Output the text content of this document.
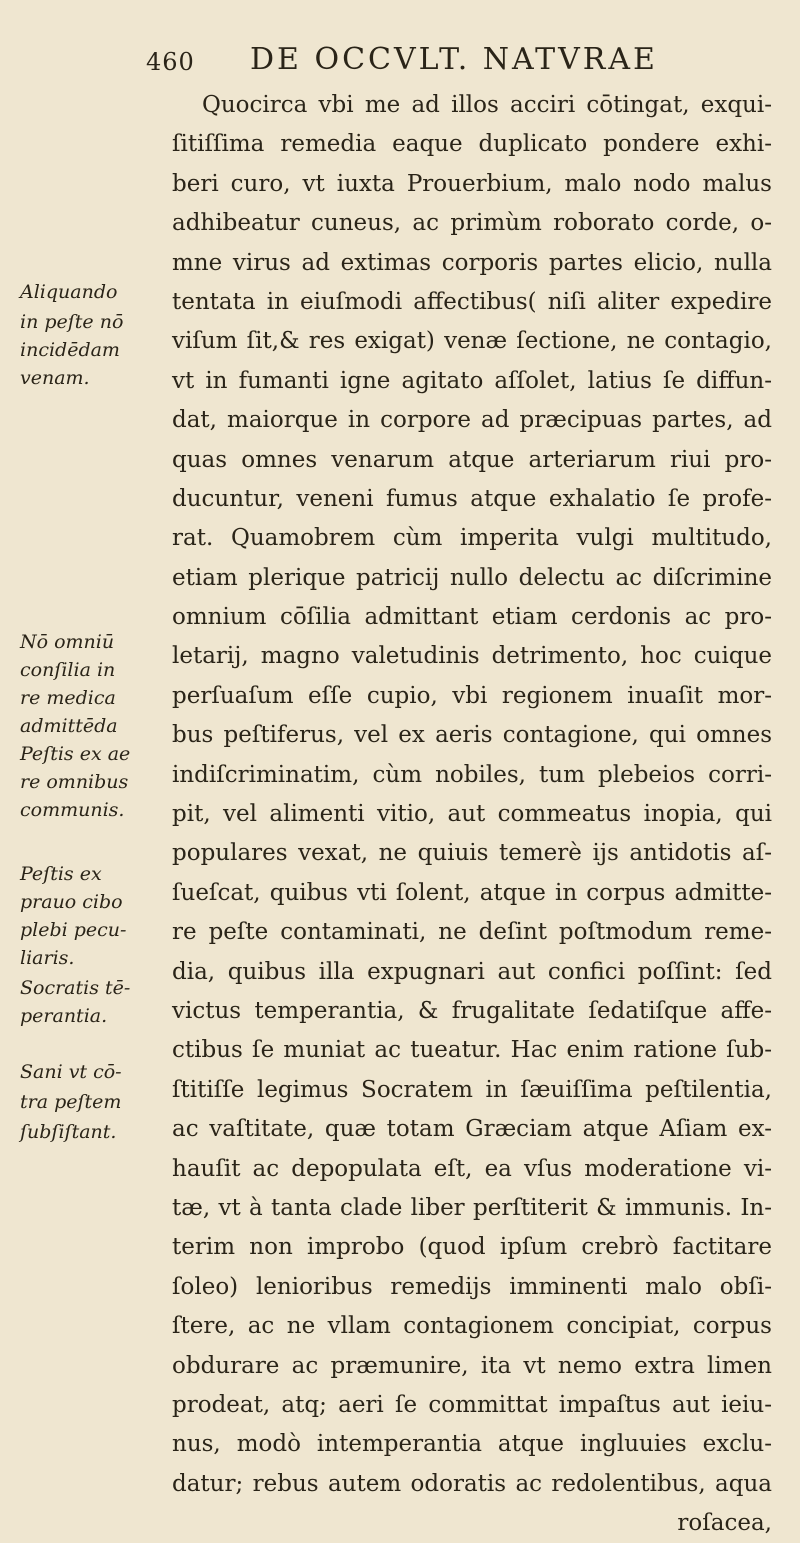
460 DE OCCVLT. NATVRAE
Quocirca vbi me ad illos acciri cōtingat, exqui-
ſitiſſima remedia eaque duplicato pondere exhi-
beri curo, vt iuxta Prouerbium, malo nodo malus
adhibeatur cuneus, ac primùm roborato corde, o-
mne virus ad extimas corporis partes elicio, nulla
tentata in eiuſmodi affectibus( niſi aliter expedire
viſum ſit,& res exigat) venæ ſectione, ne contagio,
vt in fumanti igne agitato aſſolet, latius ſe diffun-
dat, maiorque in corpore ad præcipuas partes, ad
quas omnes venarum atque arteriarum riui pro-
ducuntur, veneni fumus atque exhalatio ſe profe-
rat. Quamobrem cùm imperita vulgi multitudo,
etiam plerique patricij nullo delectu ac diſcrimine
omnium cōſilia admittant etiam cerdonis ac pro-
letarij, magno valetudinis detrimento, hoc cuique
perſuaſum eſſe cupio, vbi regionem inuaſit mor-
bus peſtiferus, vel ex aeris contagione, qui omnes
indiſcriminatim, cùm nobiles, tum plebeios corri-
pit, vel alimenti vitio, aut commeatus inopia, qui
populares vexat, ne quiuis temerè ijs antidotis aſ-
ſueſcat, quibus vti ſolent, atque in corpus admitte-
re peſte contaminati, ne deſint poſtmodum reme-
dia, quibus illa expugnari aut confici poſſint: ſed
victus temperantia, & frugalitate ſedatiſque affe-
ctibus ſe muniat ac tueatur. Hac enim ratione ſub-
ſtitiſſe legimus Socratem in ſæuiſſima peſtilentia,
ac vaſtitate, quæ totam Græciam atque Aſiam ex-
hauſit ac depopulata eſt, ea vſus moderatione vi-
tæ, vt à tanta clade liber perſtiterit & immunis. In-
terim non improbo (quod ipſum crebrò factitare
ſoleo) lenioribus remedijs imminenti malo obſi-
ſtere, ac ne vllam contagionem concipiat, corpus
obdurare ac præmunire, ita vt nemo extra limen
prodeat, atq; aeri ſe committat impaſtus aut ieiu-
nus, modò intemperantia atque ingluuies exclu-
datur; rebus autem odoratis ac redolentibus, aqua
roſacea,
Aliquando
in peſte nō
incidēdam
venam.
Nō omniū
conſilia in
re medica
admittēda
Peſtis ex ae
re omnibus
communis.
Peſtis ex
prauo cibo
plebi pecu-
liaris.
Socratis tē-
perantia.
Sani vt cō-
tra peſtem
ſubſiſtant.
